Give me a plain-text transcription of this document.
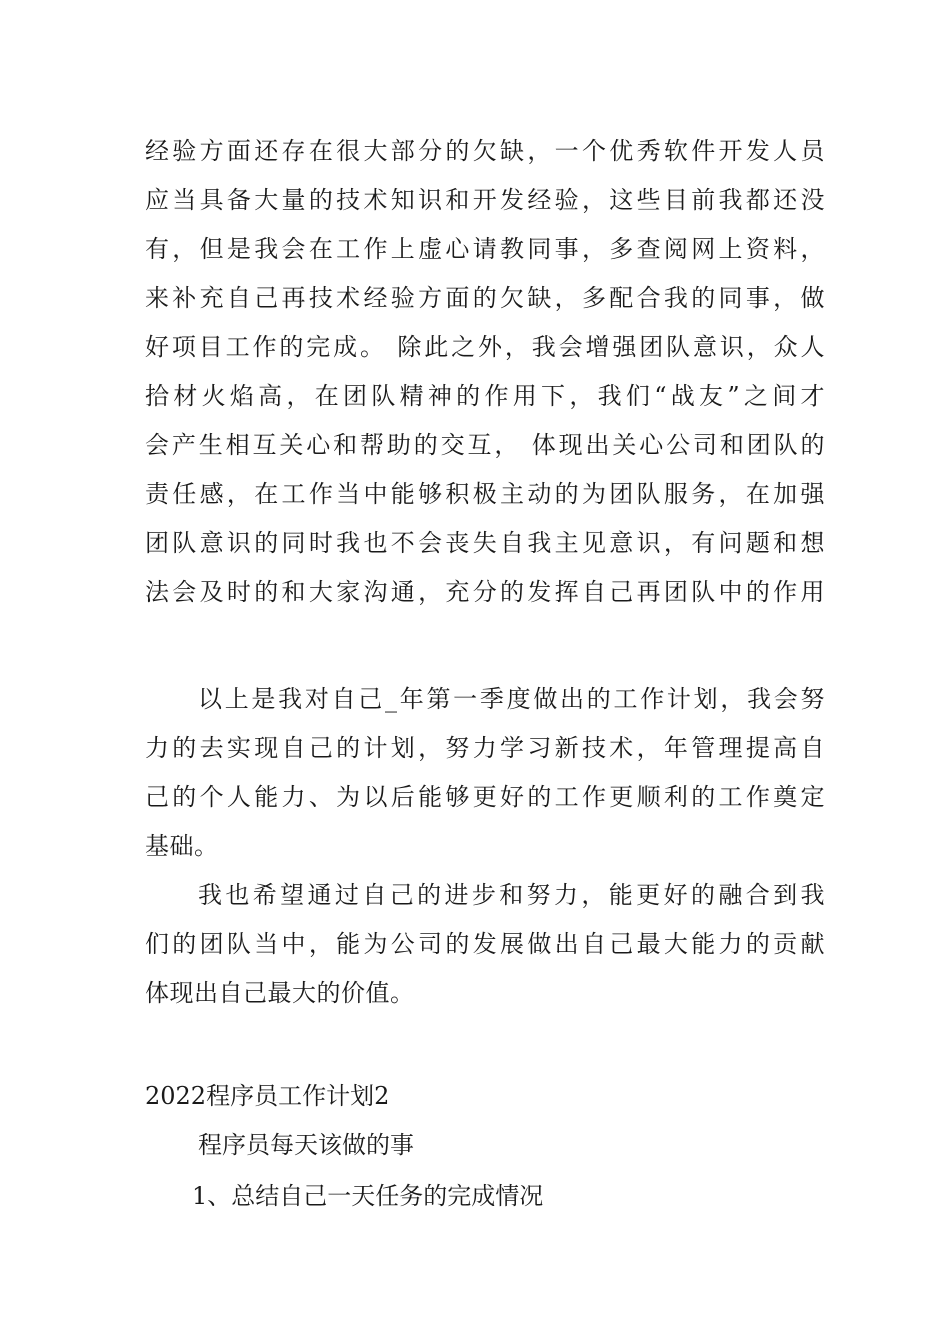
经验方面还存在很大部分的欠缺，一个优秀软件开发人员
应当具备大量的技术知识和开发经验，这些目前我都还没
有，但是我会在工作上虚心请教同事，多查阅网上资料，
来补充自己再技术经验方面的欠缺，多配合我的同事，做
好项目工作的完成。 除此之外，我会增强团队意识，众人
拾材火焰高，在团队精神的作用下，我们“战友”之间才
会产生相互关心和帮助的交互， 体现出关心公司和团队的
责任感，在工作当中能够积极主动的为团队服务，在加强
团队意识的同时我也不会丧失自我主见意识，有问题和想
法会及时的和大家沟通，充分的发挥自己再团队中的作用
以上是我对自己_年第一季度做出的工作计划，我会努
力的去实现自己的计划，努力学习新技术，年管理提高自
己的个人能力、为以后能够更好的工作更顺利的工作奠定
基础。
我也希望通过自己的进步和努力，能更好的融合到我
们的团队当中，能为公司的发展做出自己最大能力的贡献
体现出自己最大的价值。
2022程序员工作计划2
程序员每天该做的事
1、总结自己一天任务的完成情况
